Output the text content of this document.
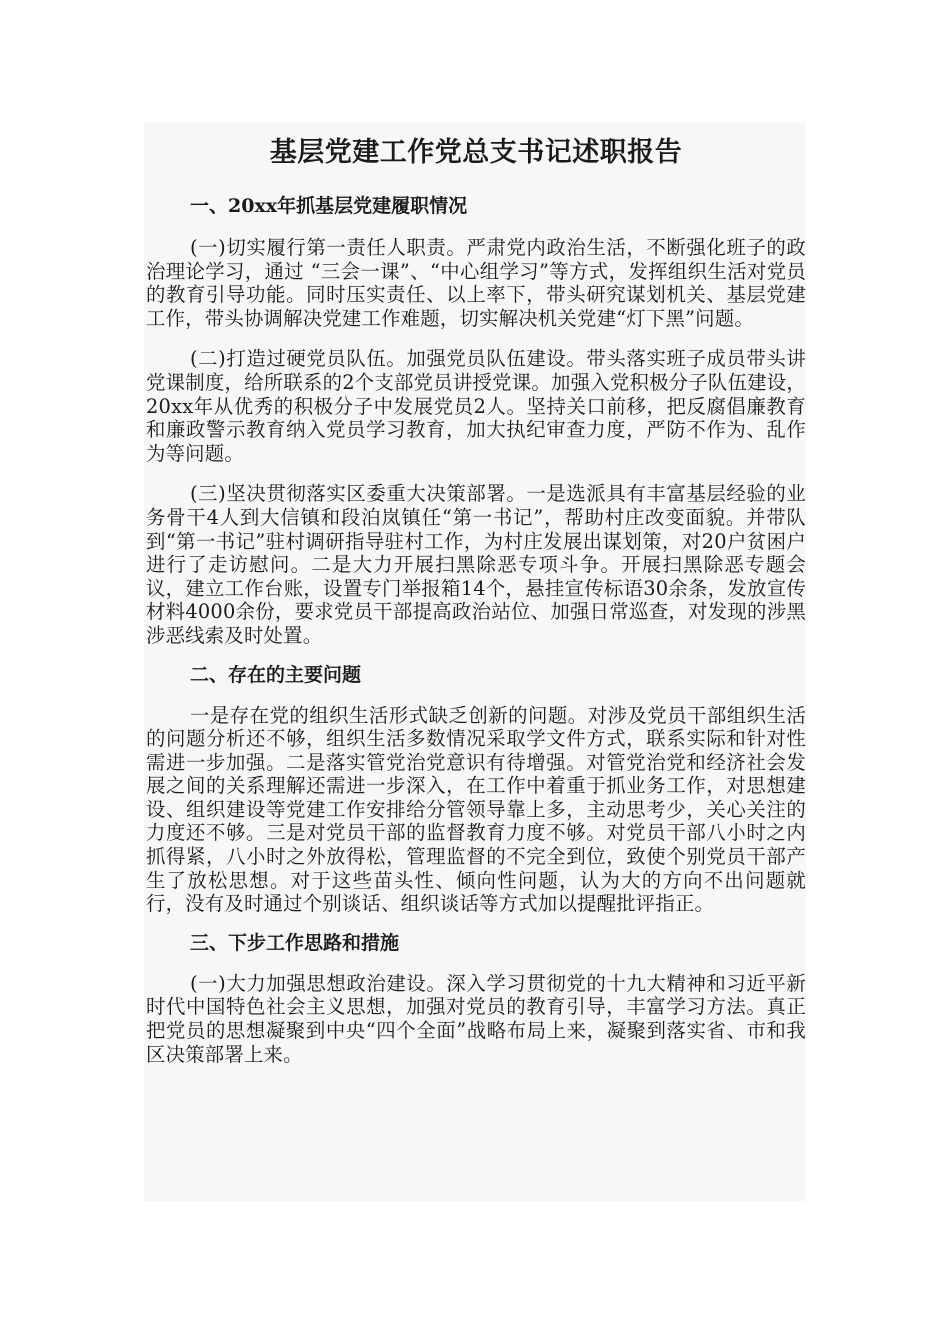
基层党建工作党总支书记述职报告
一、20xx年抓基层党建履职情况
(一)切实履行第一责任人职责。严肃党内政治生活，不断强化班子的政治理论学习，通过 “三会一课”、“中心组学习”等方式，发挥组织生活对党员的教育引导功能。同时压实责任、以上率下，带头研究谋划机关、基层党建工作，带头协调解决党建工作难题，切实解决机关党建“灯下黑”问题。
(二)打造过硬党员队伍。加强党员队伍建设。带头落实班子成员带头讲党课制度，给所联系的2个支部党员讲授党课。加强入党积极分子队伍建设，20xx年从优秀的积极分子中发展党员2人。坚持关口前移，把反腐倡廉教育和廉政警示教育纳入党员学习教育，加大执纪审查力度，严防不作为、乱作为等问题。
(三)坚决贯彻落实区委重大决策部署。一是选派具有丰富基层经验的业务骨干4人到大信镇和段泊岚镇任“第一书记”，帮助村庄改变面貌。并带队到“第一书记”驻村调研指导驻村工作，为村庄发展出谋划策，对20户贫困户进行了走访慰问。二是大力开展扫黑除恶专项斗争。开展扫黑除恶专题会议，建立工作台账，设置专门举报箱14个，悬挂宣传标语30余条，发放宣传材料4000余份，要求党员干部提高政治站位、加强日常巡查，对发现的涉黑涉恶线索及时处置。
二、存在的主要问题
一是存在党的组织生活形式缺乏创新的问题。对涉及党员干部组织生活的问题分析还不够，组织生活多数情况采取学文件方式，联系实际和针对性需进一步加强。二是落实管党治党意识有待增强。对管党治党和经济社会发展之间的关系理解还需进一步深入，在工作中着重于抓业务工作，对思想建设、组织建设等党建工作安排给分管领导靠上多，主动思考少，关心关注的力度还不够。三是对党员干部的监督教育力度不够。对党员干部八小时之内抓得紧，八小时之外放得松，管理监督的不完全到位，致使个别党员干部产生了放松思想。对于这些苗头性、倾向性问题，认为大的方向不出问题就行，没有及时通过个别谈话、组织谈话等方式加以提醒批评指正。
三、下步工作思路和措施
(一)大力加强思想政治建设。深入学习贯彻党的十九大精神和习近平新时代中国特色社会主义思想，加强对党员的教育引导，丰富学习方法。真正把党员的思想凝聚到中央“四个全面”战略布局上来，凝聚到落实省、市和我区决策部署上来。
